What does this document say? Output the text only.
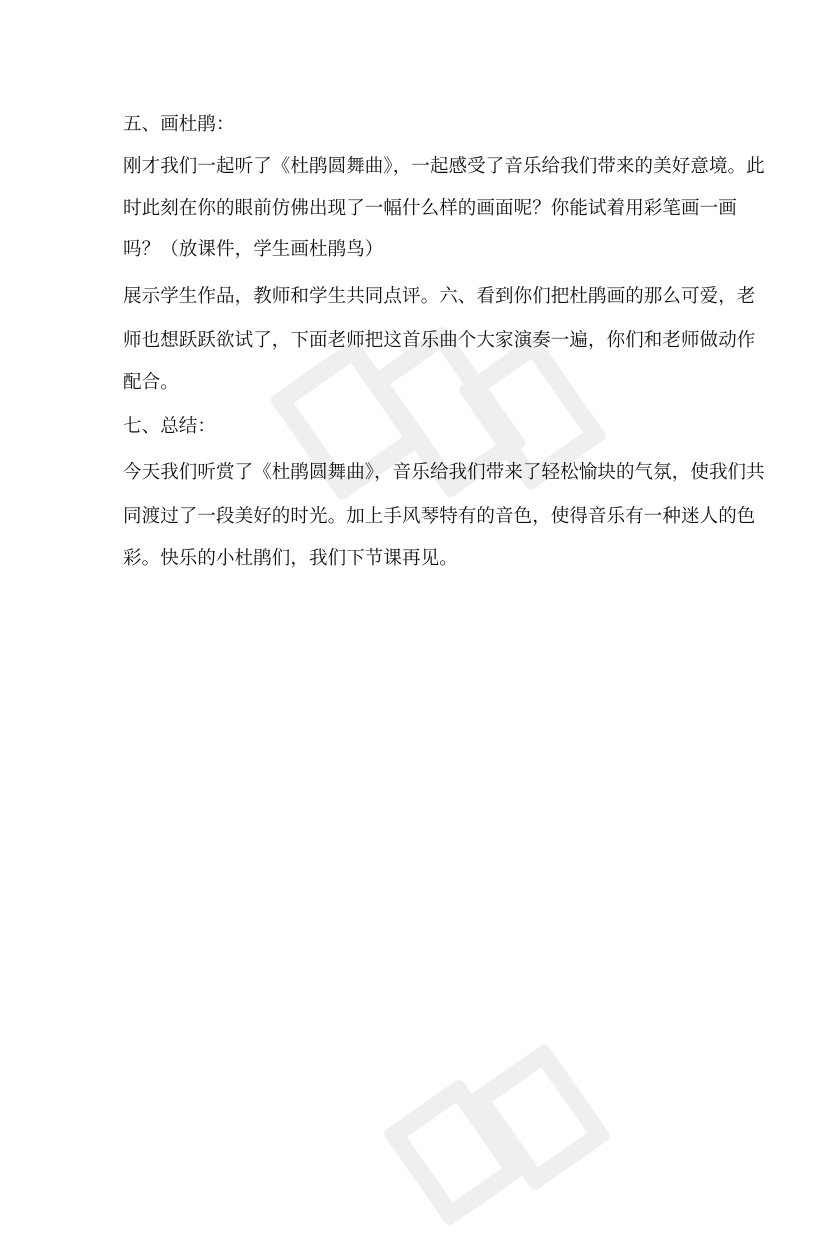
五、画杜鹃：
刚才我们一起听了《杜鹃圆舞曲》，一起感受了音乐给我们带来的美好意境。此
时此刻在你的眼前仿佛出现了一幅什么样的画面呢？你能试着用彩笔画一画
吗？（放课件，学生画杜鹃鸟）
展示学生作品，教师和学生共同点评。六、看到你们把杜鹃画的那么可爱，老
师也想跃跃欲试了，下面老师把这首乐曲个大家演奏一遍，你们和老师做动作
配合。
七、总结：
今天我们听赏了《杜鹃圆舞曲》，音乐给我们带来了轻松愉块的气氛，使我们共
同渡过了一段美好的时光。加上手风琴特有的音色，使得音乐有一种迷人的色
彩。快乐的小杜鹃们，我们下节课再见。
